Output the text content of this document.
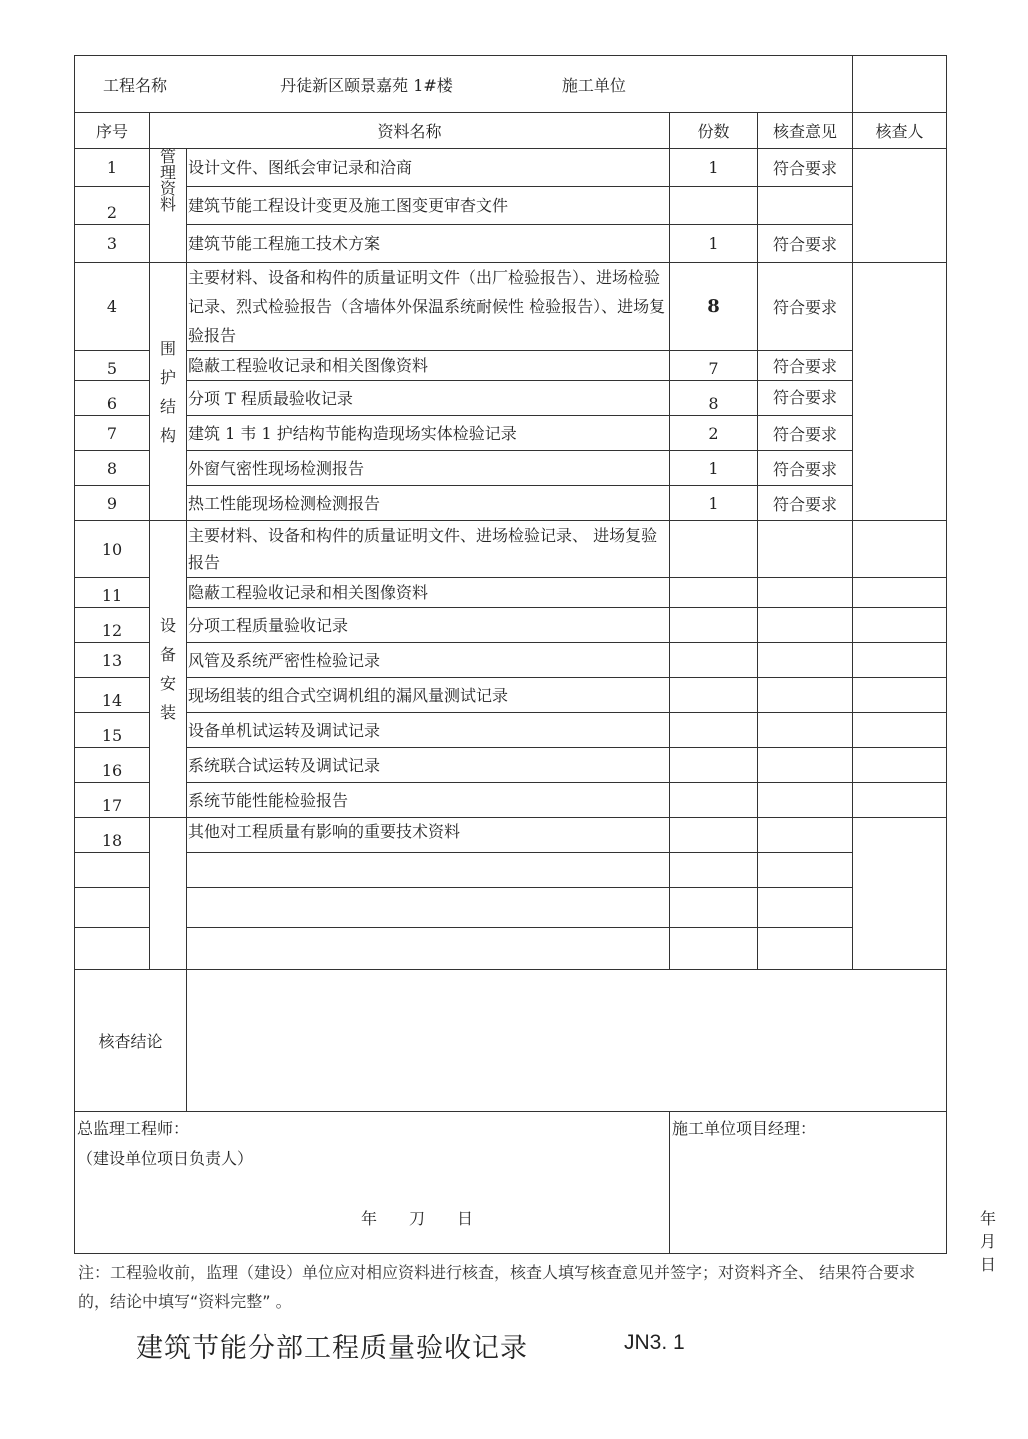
工程名称 丹徒新区颐景嘉苑 1#楼 施工单位					
序号	资料名称		份数	核查意见	核查人
1	管理资料	设计文件、图纸会审记录和洽商	1	符合要求	
2		建筑节能工程设计变更及施工图变更审杳文件			
3		建筑节能工程施工技术方案	1	符合要求	
4	围护结构	主要材料、设备和构件的质量证明文件（出厂检验报告）、进场检验记录、烈式检验报告（含墙体外保温系统耐候性 检验报告）、进场复验报告	8	符合要求	
5		隐蔽工程验收记录和相关图像资料	7	符合要求	
6		分项 T 程质最验收记录	8	符合要求	
7		建筑 1 韦 1 护结构节能构造现场实体检验记录	2	符合要求	
8		外窗气密性现场检测报告	1	符合要求	
9		热工性能现场检测检测报告	1	符合要求	
10	设备安装	主要材料、设备和构件的质量证明文件、进场检验记录、 进场复验报告			
11		隐蔽工程验收记录和相关图像资料			
12		分项工程质量验收记录			
13		风管及系统严密性检验记录			
14		现场组装的组合式空调机组的漏风量测试记录			
15		设备单机试运转及调试记录			
16		系统联合试运转及调试记录			
17		系统节能性能检验报告			
18		其他对工程质量有影响的重要技术资料			

核杳结论					

总监理工程师：
（建设单位项日负责人）
年　　刀　　日			施工单位项目经理：
年　　月　　日		
注：工程验收前，监理（建设）单位应对相应资料进行核査，核査人填写核査意见并签字；对资料齐全、 结果符合要求的，结论中填写“资料完整” 。
建筑节能分部工程质量验收记录	JN3. 1
